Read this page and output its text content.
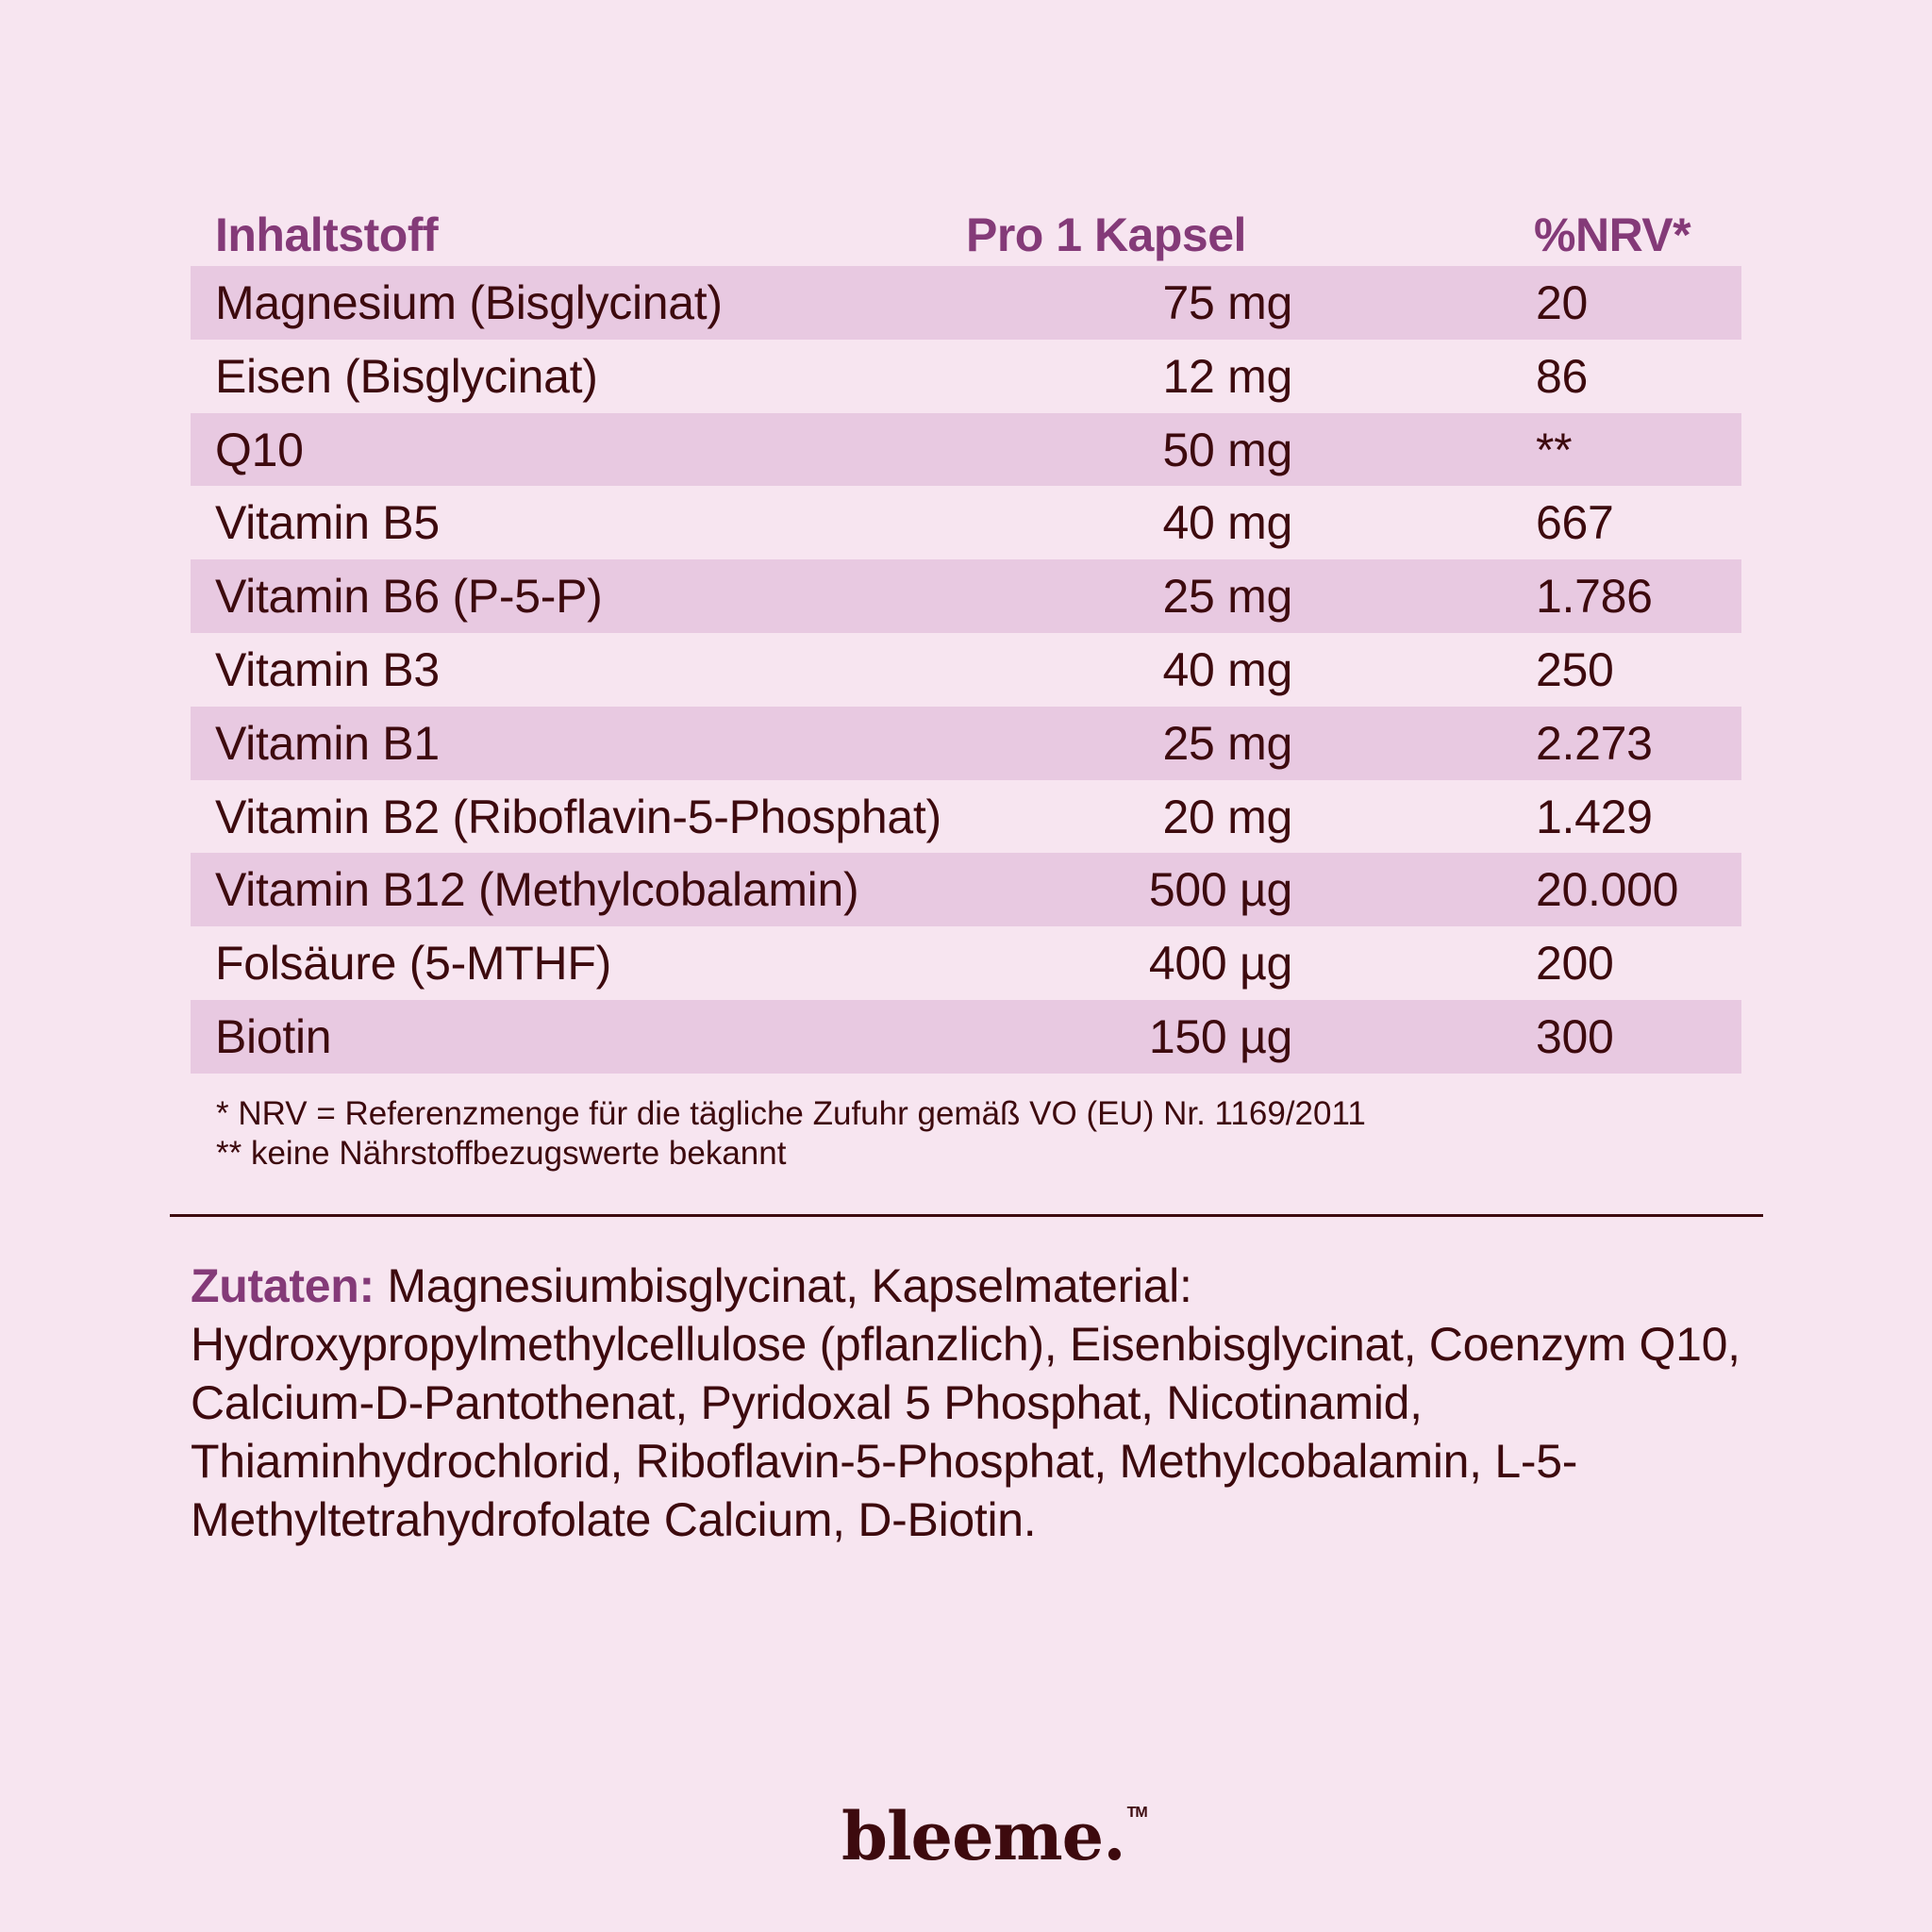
Inhaltstoff	Pro 1 Kapsel	%NRV*
Magnesium (Bisglycinat)	75 mg	20
Eisen (Bisglycinat)	12 mg	86
Q10	50 mg	**
Vitamin B5	40 mg	667
Vitamin B6 (P-5-P)	25 mg	1.786
Vitamin B3	40 mg	250
Vitamin B1	25 mg	2.273
Vitamin B2 (Riboflavin-5-Phosphat)	20 mg	1.429
Vitamin B12 (Methylcobalamin)	500 µg	20.000
Folsäure (5-MTHF)	400 µg	200
Biotin	150 µg	300
* NRV = Referenzmenge für die tägliche Zufuhr gemäß VO (EU) Nr. 1169/2011
** keine Nährstoffbezugswerte bekannt
Zutaten: Magnesiumbisglycinat, Kapselmaterial: Hydroxypropylmethylcellulose (pflanzlich), Eisenbisglycinat, Coenzym Q10, Calcium-D-Pantothenat, Pyridoxal 5 Phosphat, Nicotinamid, Thiaminhydrochlorid, Riboflavin-5-Phosphat, Methylcobalamin, L-5-Methyltetrahydrofolate Calcium, D-Biotin.
bleeme. ™
